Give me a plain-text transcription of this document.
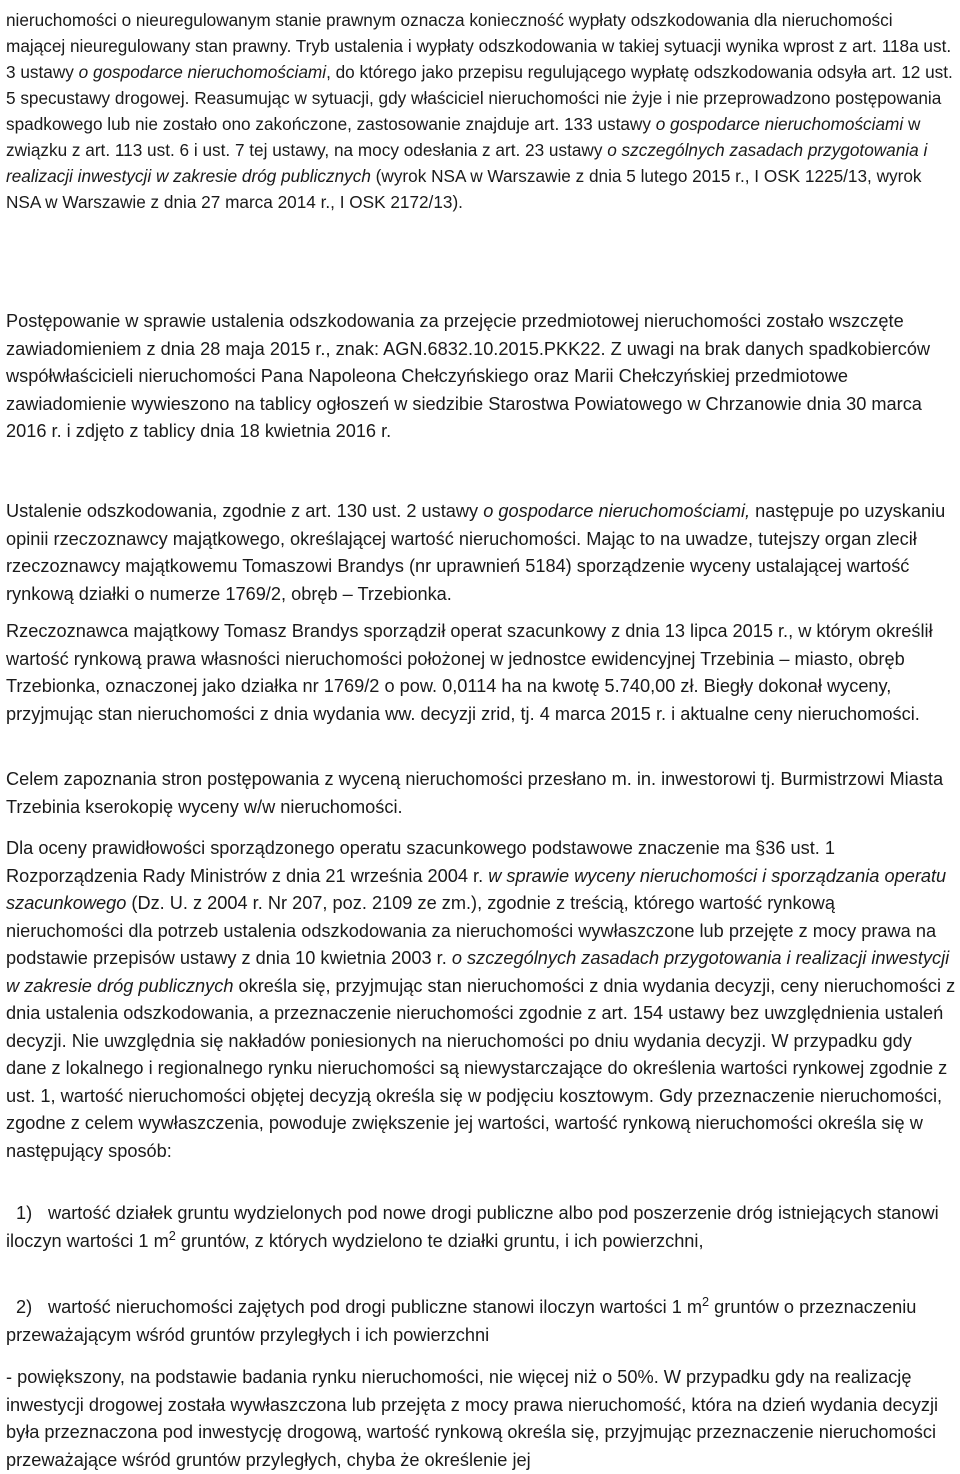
nieruchomości o nieuregulowanym stanie prawnym oznacza konieczność wypłaty odszkodowania dla nieruchomości mającej nieuregulowany stan prawny. Tryb ustalenia i wypłaty odszkodowania w takiej sytuacji wynika wprost z art. 118a ust. 3 ustawy o gospodarce nieruchomościami, do którego jako przepisu regulującego wypłatę odszkodowania odsyła art. 12 ust. 5 specustawy drogowej. Reasumując w sytuacji, gdy właściciel nieruchomości nie żyje i nie przeprowadzono postępowania spadkowego lub nie zostało ono zakończone, zastosowanie znajduje art. 133 ustawy o gospodarce nieruchomościami w związku z art. 113 ust. 6 i ust. 7 tej ustawy, na mocy odesłania z art. 23 ustawy o szczególnych zasadach przygotowania i realizacji inwestycji w zakresie dróg publicznych (wyrok NSA w Warszawie z dnia 5 lutego 2015 r., I OSK 1225/13, wyrok NSA w Warszawie z dnia 27 marca 2014 r., I OSK 2172/13).

Postępowanie w sprawie ustalenia odszkodowania za przejęcie przedmiotowej nieruchomości zostało wszczęte zawiadomieniem z dnia 28 maja 2015 r., znak: AGN.6832.10.2015.PKK22. Z uwagi na brak danych spadkobierców współwłaścicieli nieruchomości Pana Napoleona Chełczyńskiego oraz Marii Chełczyńskiej przedmiotowe zawiadomienie wywieszono na tablicy ogłoszeń w siedzibie Starostwa Powiatowego w Chrzanowie dnia 30 marca 2016 r. i zdjęto z tablicy dnia 18 kwietnia 2016 r.

Ustalenie odszkodowania, zgodnie z art. 130 ust. 2 ustawy o gospodarce nieruchomościami, następuje po uzyskaniu opinii rzeczoznawcy majątkowego, określającej wartość nieruchomości. Mając to na uwadze, tutejszy organ zlecił rzeczoznawcy majątkowemu Tomaszowi Brandys (nr uprawnień 5184) sporządzenie wyceny ustalającej wartość rynkową działki o numerze 1769/2, obręb – Trzebionka.

Rzeczoznawca majątkowy Tomasz Brandys sporządził operat szacunkowy z dnia 13 lipca 2015 r., w którym określił wartość rynkową prawa własności nieruchomości położonej w jednostce ewidencyjnej Trzebinia – miasto, obręb Trzebionka, oznaczonej jako działka nr 1769/2 o pow. 0,0114 ha na kwotę 5.740,00 zł. Biegły dokonał wyceny, przyjmując stan nieruchomości z dnia wydania ww. decyzji zrid, tj. 4 marca 2015 r. i aktualne ceny nieruchomości.

Celem zapoznania stron postępowania z wyceną nieruchomości przesłano m. in. inwestorowi tj. Burmistrzowi Miasta Trzebinia kserokopię wyceny w/w nieruchomości.

Dla oceny prawidłowości sporządzonego operatu szacunkowego podstawowe znaczenie ma §36 ust. 1 Rozporządzenia Rady Ministrów z dnia 21 września 2004 r. w sprawie wyceny nieruchomości i sporządzania operatu szacunkowego (Dz. U. z 2004 r. Nr 207, poz. 2109 ze zm.), zgodnie z treścią, którego wartość rynkową nieruchomości dla potrzeb ustalenia odszkodowania za nieruchomości wywłaszczone lub przejęte z mocy prawa na podstawie przepisów ustawy z dnia 10 kwietnia 2003 r. o szczególnych zasadach przygotowania i realizacji inwestycji w zakresie dróg publicznych określa się, przyjmując stan nieruchomości z dnia wydania decyzji, ceny nieruchomości z dnia ustalenia odszkodowania, a przeznaczenie nieruchomości zgodnie z art. 154 ustawy bez uwzględnienia ustaleń decyzji. Nie uwzględnia się nakładów poniesionych na nieruchomości po dniu wydania decyzji. W przypadku gdy dane z lokalnego i regionalnego rynku nieruchomości są niewystarczające do określenia wartości rynkowej zgodnie z ust. 1, wartość nieruchomości objętej decyzją określa się w podjęciu kosztowym. Gdy przeznaczenie nieruchomości, zgodne z celem wywłaszczenia, powoduje zwiększenie jej wartości, wartość rynkową nieruchomości określa się w następujący sposób:

1) wartość działek gruntu wydzielonych pod nowe drogi publiczne albo pod poszerzenie dróg istniejących stanowi iloczyn wartości 1 $m^2$ gruntów, z których wydzielono te działki gruntu, i ich powierzchni,

2) wartość nieruchomości zajętych pod drogi publiczne stanowi iloczyn wartości 1 $m^2$ gruntów o przeznaczeniu przeważającym wśród gruntów przyległych i ich powierzchni

- powiększony, na podstawie badania rynku nieruchomości, nie więcej niż o 50%. W przypadku gdy na realizację inwestycji drogowej została wywłaszczona lub przejęta z mocy prawa nieruchomość, która na dzień wydania decyzji była przeznaczona pod inwestycję drogową, wartość rynkową określa się, przyjmując przeznaczenie nieruchomości przeważające wśród gruntów przyległych, chyba że określenie jej
